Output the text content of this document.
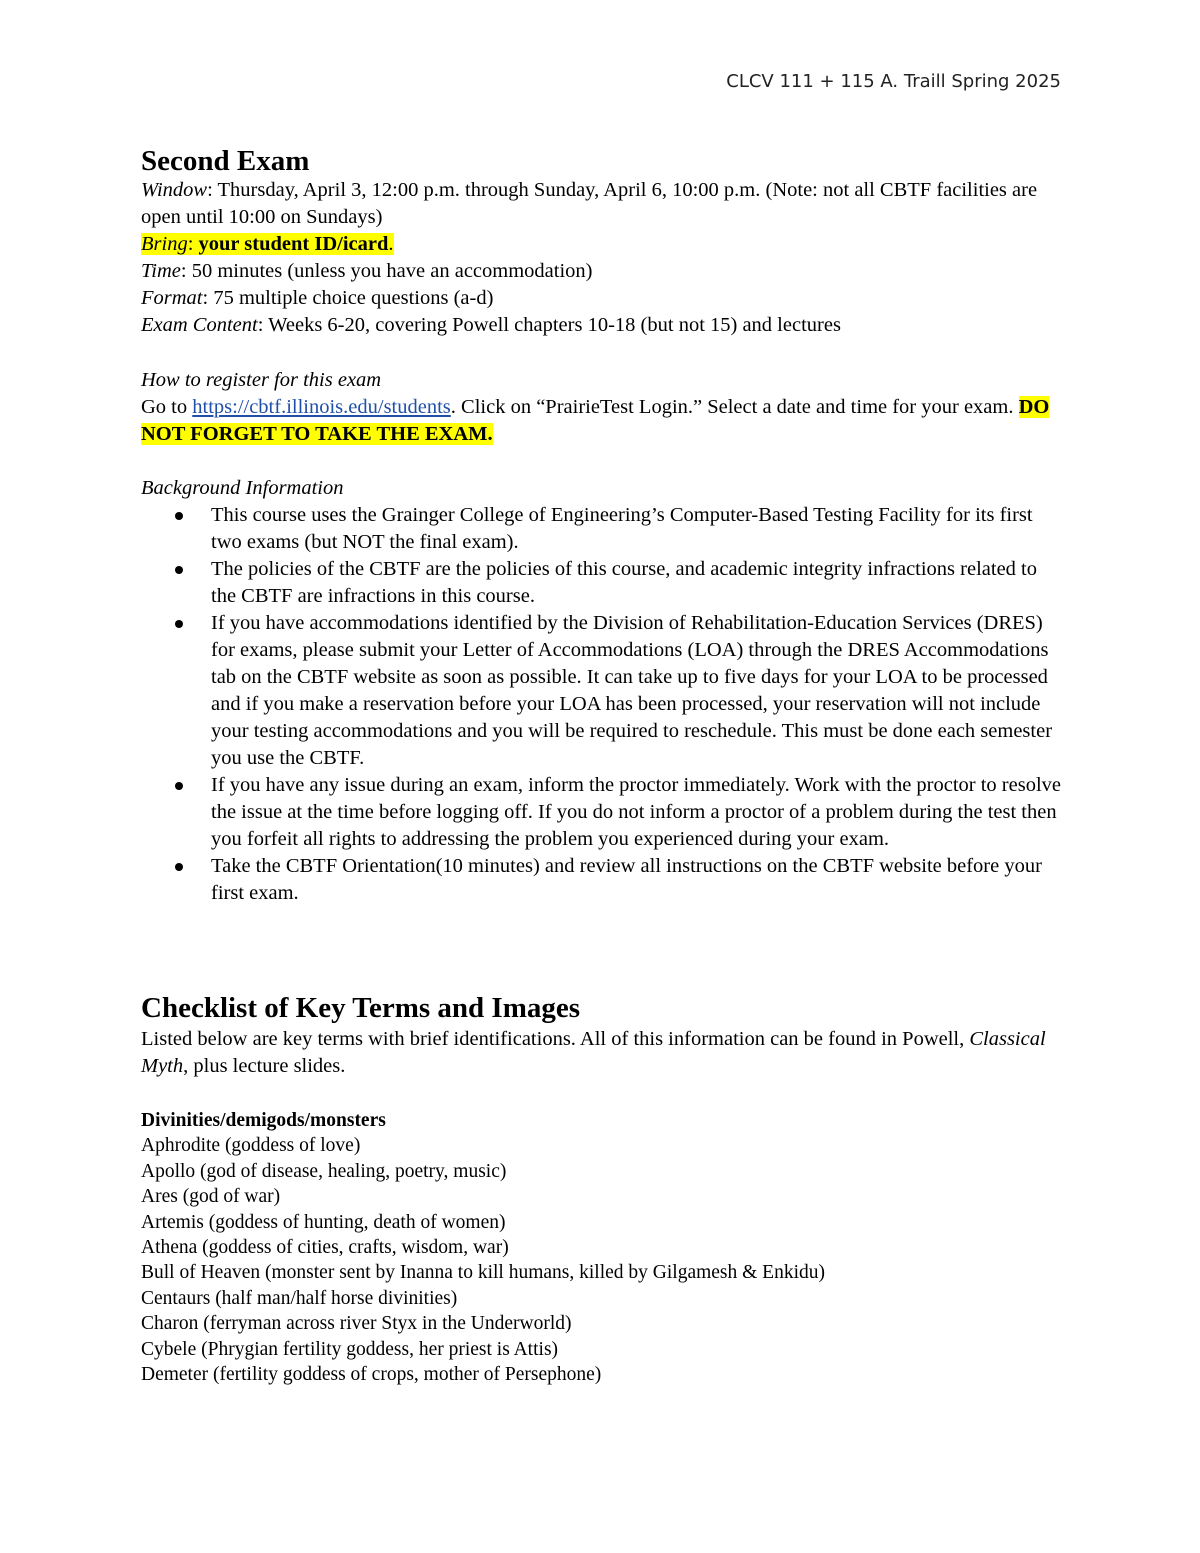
CLCV 111 + 115 A. Traill Spring 2025
Second Exam

Window: Thursday, April 3, 12:00 p.m. through Sunday, April 6, 10:00 p.m. (Note: not all CBTF facilities are open until 10:00 on Sundays)

Bring: your student ID/icard.

Time: 50 minutes (unless you have an accommodation)

Format: 75 multiple choice questions (a-d)

Exam Content: Weeks 6-20, covering Powell chapters 10-18 (but not 15) and lectures

How to register for this exam

Go to https://cbtf.illinois.edu/students. Click on “PrairieTest Login.” Select a date and time for your exam. DO NOT FORGET TO TAKE THE EXAM.

Background Information

This course uses the Grainger College of Engineering’s Computer-Based Testing Facility for its first two exams (but NOT the final exam).
The policies of the CBTF are the policies of this course, and academic integrity infractions related to the CBTF are infractions in this course.
If you have accommodations identified by the Division of Rehabilitation-Education Services (DRES) for exams, please submit your Letter of Accommodations (LOA) through the DRES Accommodations tab on the CBTF website as soon as possible. It can take up to five days for your LOA to be processed and if you make a reservation before your LOA has been processed, your reservation will not include your testing accommodations and you will be required to reschedule. This must be done each semester you use the CBTF.
If you have any issue during an exam, inform the proctor immediately. Work with the proctor to resolve the issue at the time before logging off. If you do not inform a proctor of a problem during the test then you forfeit all rights to addressing the problem you experienced during your exam.
Take the CBTF Orientation(10 minutes) and review all instructions on the CBTF website before your first exam.
Checklist of Key Terms and Images

Listed below are key terms with brief identifications. All of this information can be found in Powell, Classical Myth, plus lecture slides.

Divinities/demigods/monsters

Aphrodite (goddess of love)

Apollo (god of disease, healing, poetry, music)

Ares (god of war)

Artemis (goddess of hunting, death of women)

Athena (goddess of cities, crafts, wisdom, war)

Bull of Heaven (monster sent by Inanna to kill humans, killed by Gilgamesh & Enkidu)

Centaurs (half man/half horse divinities)

Charon (ferryman across river Styx in the Underworld)

Cybele (Phrygian fertility goddess, her priest is Attis)

Demeter (fertility goddess of crops, mother of Persephone)
